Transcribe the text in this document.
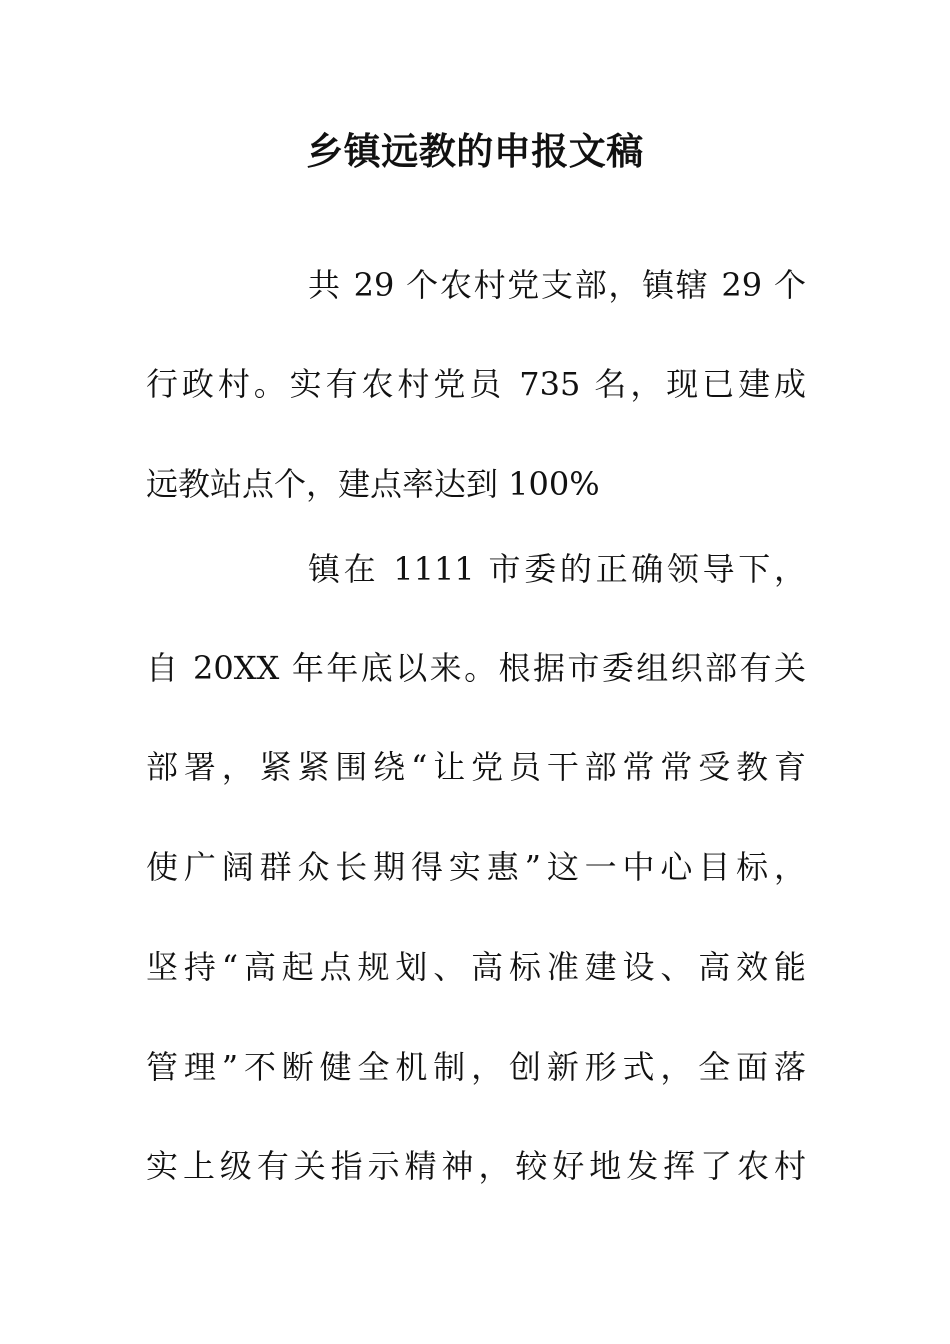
乡镇远教的申报文稿
共 29 个农村党支部，镇辖 29 个
行政村。实有农村党员 735 名，现已建成
远教站点个，建点率达到 100%
镇在 1111 市委的正确领导下，
自 20XX 年年底以来。根据市委组织部有关
部署，紧紧围绕“让党员干部常常受教育
使广阔群众长期得实惠”这一中心目标，
坚持“高起点规划、高标准建设、高效能
管理”不断健全机制，创新形式，全面落
实上级有关指示精神，较好地发挥了农村
